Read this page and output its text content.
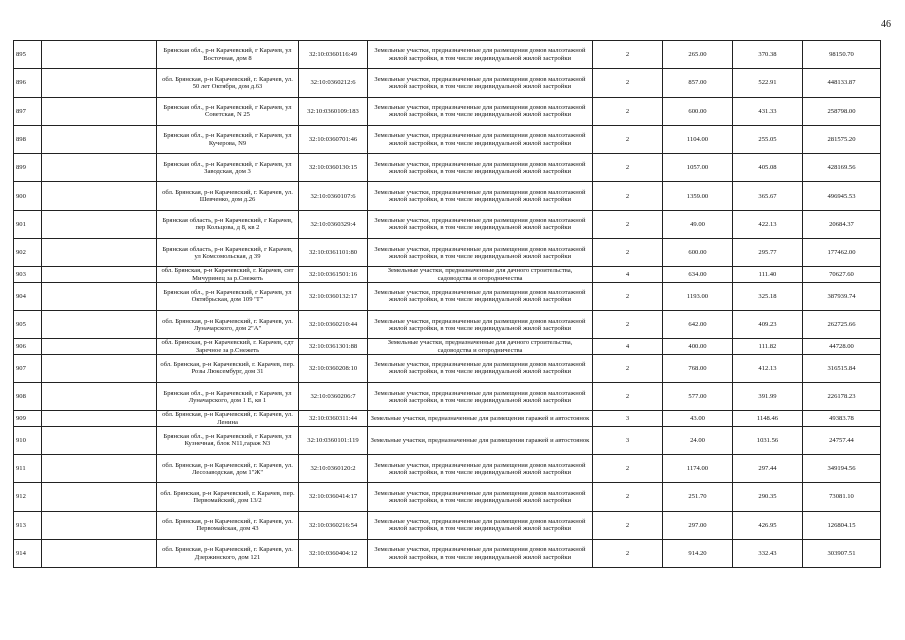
46
895		Брянская обл., р-н Карачевский, г Карачев, ул Восточная, дом 8	32:10:0360116:49	Земельные участки, предназначенные для размещения домов малоэтажной жилой застройки, в том числе индивидуальной жилой застройки	2	265.00	370.38	98150.70
896		обл. Брянская, р-н Карачевский, г. Карачев, ул. 50 лет Октября, дом д.63	32:10:0360212:6	Земельные участки, предназначенные для размещения домов малоэтажной жилой застройки, в том числе индивидуальной жилой застройки	2	857.00	522.91	448133.87
897		Брянская обл., р-н Карачевский, г Карачев, ул Советская, N 25	32:10:0360109:183	Земельные участки, предназначенные для размещения домов малоэтажной жилой застройки, в том числе индивидуальной жилой застройки	2	600.00	431.33	258798.00
898		Брянская обл., р-н Карачевский, г Карачев, ул Кучерова, N9	32:10:0360701:46	Земельные участки, предназначенные для размещения домов малоэтажной жилой застройки, в том числе индивидуальной жилой застройки	2	1104.00	255.05	281575.20
899		Брянская обл., р-н Карачевский, г Карачев, ул Заводская, дом 3	32:10:0360130:15	Земельные участки, предназначенные для размещения домов малоэтажной жилой застройки, в том числе индивидуальной жилой застройки	2	1057.00	405.08	428169.56
900		обл. Брянская, р-н Карачевский, г. Карачев, ул. Шевченко, дом д.26	32:10:0360107:6	Земельные участки, предназначенные для размещения домов малоэтажной жилой застройки, в том числе индивидуальной жилой застройки	2	1359.00	365.67	496945.53
901		Брянская область, р-н Карачевский, г Карачев, пер Кольцова, д 8, кв 2	32:10:0360329:4	Земельные участки, предназначенные для размещения домов малоэтажной жилой застройки, в том числе индивидуальной жилой застройки	2	49.00	422.13	20684.37
902		Брянская область, р-н Карачевский, г Карачев, ул Комсомольская, д 39	32:10:0361101:80	Земельные участки, предназначенные для размещения домов малоэтажной жилой застройки, в том числе индивидуальной жилой застройки	2	600.00	295.77	177462.00
903		обл. Брянская, р-н Карачевский, г. Карачев, снт Мичуринец за р.Снежеть	32:10:0361501:16	Земельные участки, предназначенные для дачного строительства, садоводства и огородничества	4	634.00	111.40	70627.60
904		Брянская обл., р-н Карачевский, г Карачев, ул Октябрьская, дом 109 "Г"	32:10:0360132:17	Земельные участки, предназначенные для размещения домов малоэтажной жилой застройки, в том числе индивидуальной жилой застройки	2	1193.00	325.18	387939.74
905		обл. Брянская, р-н Карачевский, г. Карачев, ул. Луначарского, дом 2"А"	32:10:0360210:44	Земельные участки, предназначенные для размещения домов малоэтажной жилой застройки, в том числе индивидуальной жилой застройки	2	642.00	409.23	262725.66
906		обл. Брянская, р-н Карачевский, г. Карачев, сдт Заречное за р.Снежеть	32:10:0361301:88	Земельные участки, предназначенные для дачного строительства, садоводства и огородничества	4	400.00	111.82	44728.00
907		обл. Брянская, р-н Карачевский, г. Карачев, пер. Розы Люксембург, дом 31	32:10:0360208:10	Земельные участки, предназначенные для размещения домов малоэтажной жилой застройки, в том числе индивидуальной жилой застройки	2	768.00	412.13	316515.84
908		Брянская обл., р-н Карачевский, г Карачев, ул Луначарского, дом 1 Е, кв 1	32:10:0360206:7	Земельные участки, предназначенные для размещения домов малоэтажной жилой застройки, в том числе индивидуальной жилой застройки	2	577.00	391.99	226178.23
909		обл. Брянская, р-н Карачевский, г. Карачев, ул. Ленина	32:10:0360311:44	Земельные участки, предназначенные для размещения гаражей и автостоянок	3	43.00	1148.46	49383.78
910		Брянская обл., р-н Карачевский, г Карачев, ул Кузнечная, блок N11,гараж N3	32:10:0360101:119	Земельные участки, предназначенные для размещения гаражей и автостоянок	3	24.00	1031.56	24757.44
911		обл. Брянская, р-н Карачевский, г. Карачев, ул. Лесозаводская, дом 1"Ж"	32:10:0360120:2	Земельные участки, предназначенные для размещения домов малоэтажной жилой застройки, в том числе индивидуальной жилой застройки	2	1174.00	297.44	349194.56
912		обл. Брянская, р-н Карачевский, г. Карачев, пер. Первомайский, дом 13/2	32:10:0360414:17	Земельные участки, предназначенные для размещения домов малоэтажной жилой застройки, в том числе индивидуальной жилой застройки	2	251.70	290.35	73081.10
913		обл. Брянская, р-н Карачевский, г. Карачев, ул. Первомайская, дом 43	32:10:0360216:54	Земельные участки, предназначенные для размещения домов малоэтажной жилой застройки, в том числе индивидуальной жилой застройки	2	297.00	426.95	126804.15
914		обл. Брянская, р-н Карачевский, г. Карачев, ул. Дзержинского, дом 121	32:10:0360404:12	Земельные участки, предназначенные для размещения домов малоэтажной жилой застройки, в том числе индивидуальной жилой застройки	2	914.20	332.43	303907.51
